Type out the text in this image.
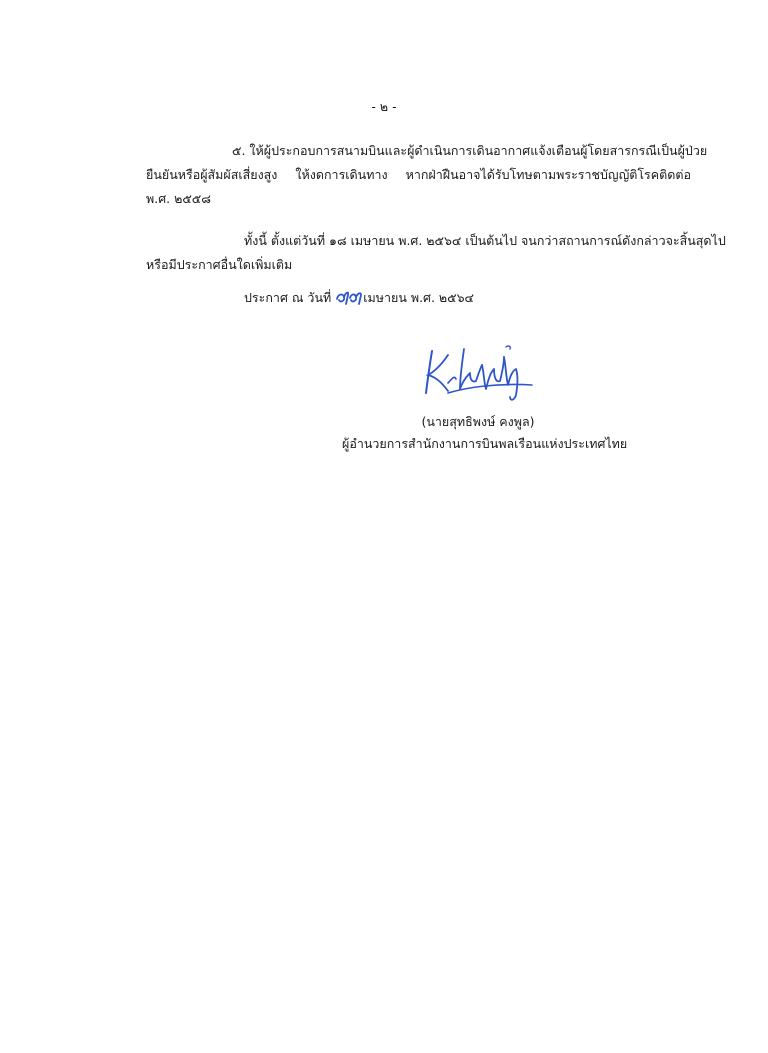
- ๒ -
๕. ให้ผู้ประกอบการสนามบินและผู้ดำเนินการเดินอากาศแจ้งเตือนผู้โดยสารกรณีเป็นผู้ป่วย
ยืนยันหรือผู้สัมผัสเสี่ยงสูง ให้งดการเดินทาง หากฝ่าฝืนอาจได้รับโทษตามพระราชบัญญัติโรคติดต่อ
พ.ศ. ๒๕๕๘
ทั้งนี้ ตั้งแต่วันที่ ๑๘ เมษายน พ.ศ. ๒๕๖๔ เป็นต้นไป จนกว่าสถานการณ์ดังกล่าวจะสิ้นสุดไป
หรือมีประกาศอื่นใดเพิ่มเติม
ประกาศ ณ วันที่	เมษายน พ.ศ. ๒๕๖๔
(นายสุทธิพงษ์ คงพูล)
ผู้อำนวยการสำนักงานการบินพลเรือนแห่งประเทศไทย
